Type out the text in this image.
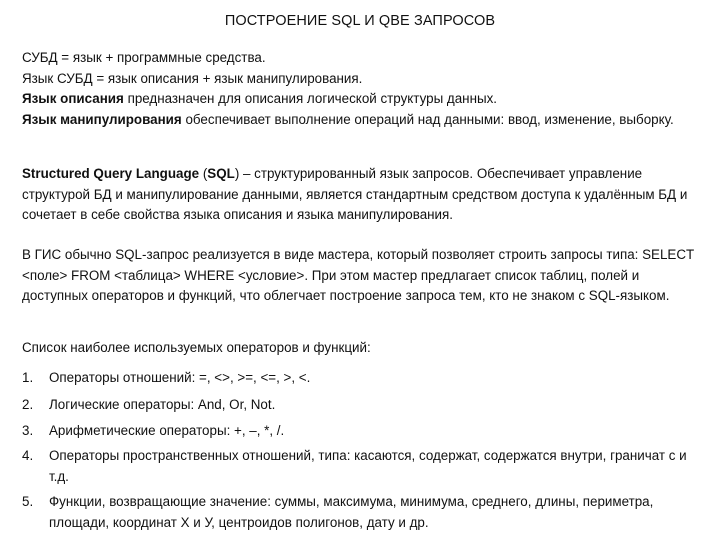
ПОСТРОЕНИЕ SQL И QBE ЗАПРОСОВ

СУБД = язык + программные средства.

Язык СУБД = язык описания + язык манипулирования.

Язык описания предназначен для описания логической структуры данных.

Язык манипулирования обеспечивает выполнение операций над данными: ввод, изменение, выборку.

Structured Query Language (SQL) – структурированный язык запросов. Обеспечивает управление структурой БД и манипулирование данными, является стандартным средством доступа к удалённым БД и сочетает в себе свойства языка описания и языка манипулирования.

В ГИС обычно SQL-запрос реализуется в виде мастера, который позволяет строить запросы типа: SELECT <поле> FROM <таблица> WHERE <условие>. При этом мастер предлагает список таблиц, полей и доступных операторов и функций, что облегчает построение запроса тем, кто не знаком с SQL-языком.
Список наиболее используемых операторов и функций:
1. Операторы отношений: =, <>, >=, <=, >, <.
2. Логические операторы: And, Or, Not.
3. Арифметические операторы: +, –, *, /.
4. Операторы пространственных отношений, типа: касаются, содержат, содержатся внутри, граничат с и т.д.
5. Функции, возвращающие значение: суммы, максимума, минимума, среднего, длины, периметра, площади, координат X и У, центроидов полигонов, дату и др.
